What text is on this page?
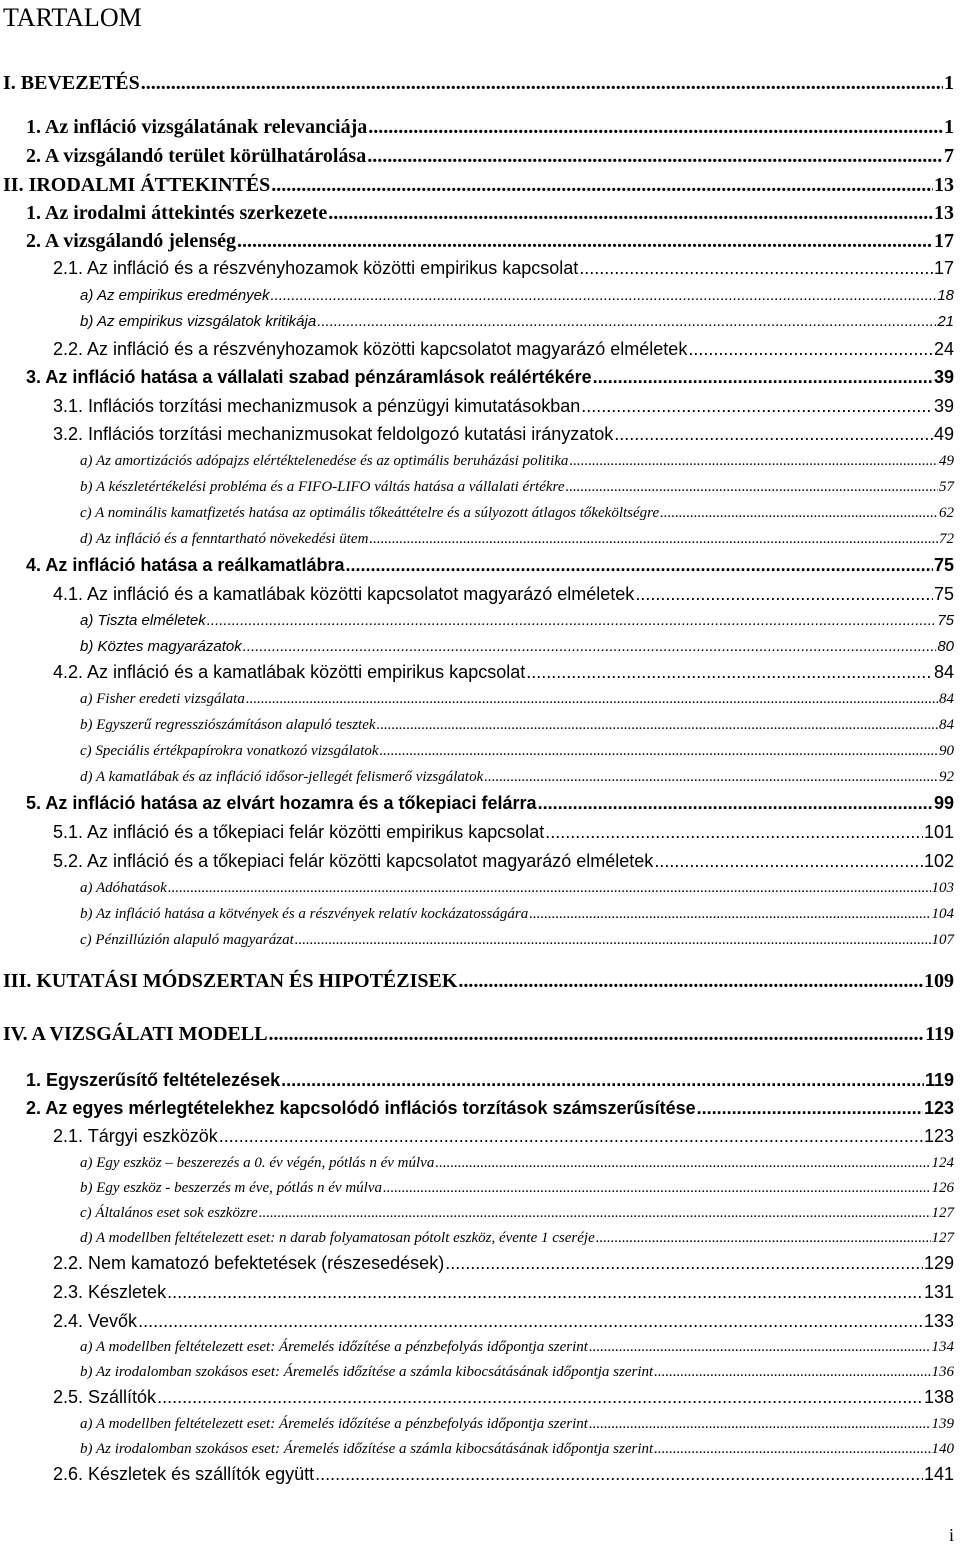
TARTALOM
I. BEVEZETÉS .....	1
1. Az infláció vizsgálatának relevanciája .....	1
2. A vizsgálandó terület körülhatárolása .....	7
II. IRODALMI ÁTTEKINTÉS .....	13
1. Az irodalmi áttekintés szerkezete .....	13
2. A vizsgálandó jelenség .....	17
2.1. Az infláció és a részvényhozamok közötti empirikus kapcsolat .....	17
a) Az empirikus eredmények .....	18
b) Az empirikus vizsgálatok kritikája .....	21
2.2. Az infláció és a részvényhozamok közötti kapcsolatot magyarázó elméletek .....	24
3. Az infláció hatása a vállalati szabad pénzáramlások reálértékére .....	39
3.1. Inflációs torzítási mechanizmusok a pénzügyi kimutatásokban .....	39
3.2. Inflációs torzítási mechanizmusokat feldolgozó kutatási irányzatok .....	49
a) Az amortizációs adópajzs elértéktelenedése és az optimális beruházási politika .....	49
b) A készletértékelési probléma és a FIFO-LIFO váltás hatása a vállalati értékre .....	57
c) A nominális kamatfizetés hatása az optimális tőkeáttételre és a súlyozott átlagos tőkeköltségre .....	62
d) Az infláció és a fenntartható növekedési ütem .....	72
4. Az infláció hatása a reálkamatlábra .....	75
4.1. Az infláció és a kamatlábak közötti kapcsolatot magyarázó elméletek .....	75
a) Tiszta elméletek .....	75
b) Köztes magyarázatok .....	80
4.2. Az infláció és a kamatlábak közötti empirikus kapcsolat .....	84
a) Fisher eredeti vizsgálata .....	84
b) Egyszerű regressziószámításon alapuló tesztek .....	84
c) Speciális értékpapírokra vonatkozó vizsgálatok .....	90
d) A kamatlábak és az infláció idősor-jellegét felismerő vizsgálatok .....	92
5. Az infláció hatása az elvárt hozamra és a tőkepiaci felárra .....	99
5.1. Az infláció és a tőkepiaci felár közötti empirikus kapcsolat .....	101
5.2. Az infláció és a tőkepiaci felár közötti kapcsolatot magyarázó elméletek .....	102
a) Adóhatások .....	103
b) Az infláció hatása a kötvények és a részvények relatív kockázatosságára .....	104
c) Pénzillúzión alapuló magyarázat .....	107
III. KUTATÁSI MÓDSZERTAN ÉS HIPOTÉZISEK .....	109
IV. A VIZSGÁLATI MODELL .....	119
1. Egyszerűsítő feltételezések .....	119
2. Az egyes mérlegtételekhez kapcsolódó inflációs torzítások számszerűsítése .....	123
2.1. Tárgyi eszközök .....	123
a) Egy eszköz – beszerezés a 0. év végén, pótlás n év múlva .....	124
b) Egy eszköz - beszerzés m éve, pótlás n év múlva .....	126
c) Általános eset sok eszközre .....	127
d) A modellben feltételezett eset: n darab folyamatosan pótolt eszköz, évente 1 cseréje .....	127
2.2. Nem kamatozó befektetések (részesedések) .....	129
2.3. Készletek .....	131
2.4. Vevők .....	133
a) A modellben feltételezett eset: Áremelés időzítése a pénzbefolyás időpontja szerint .....	134
b) Az irodalomban szokásos eset: Áremelés időzítése a számla kibocsátásának időpontja szerint .....	136
2.5. Szállítók .....	138
a) A modellben feltételezett eset: Áremelés időzítése a pénzbefolyás időpontja szerint .....	139
b) Az irodalomban szokásos eset: Áremelés időzítése a számla kibocsátásának időpontja szerint .....	140
2.6. Készletek és szállítók együtt .....	141
i
